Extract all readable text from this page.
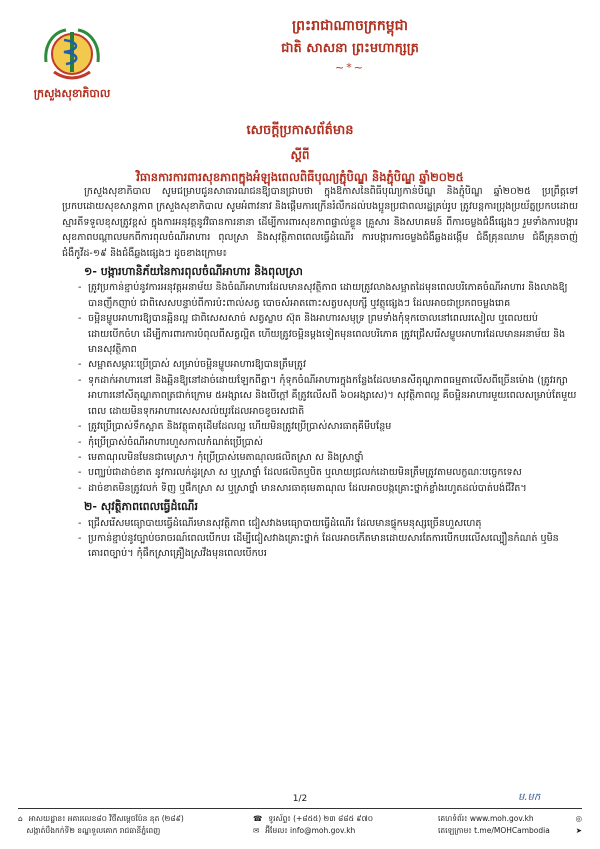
ក្រសួងសុខាភិបាល
ព្រះរាជាណាចក្រកម្ពុជា
ជាតិ សាសនា ព្រះមហាក្សត្រ
~*~
សេចក្តីប្រកាសព័ត៌មាន
ស្តីពី
វិធានការការពារសុខភាពក្នុងអំឡុងពេលពិធីបុណ្យភ្ជុំបិណ្ឌ និងភ្ជុំបិណ្ឌ ឆ្នាំ២០២៥

ក្រសួងសុខាភិបាល សូមជម្រាបជូនសាធារណជនឱ្យបានជ្រាបថា ក្នុងឱកាសនៃពិធីបុណ្យកាន់បិណ្ឌ និងភ្ជុំបិណ្ឌ ឆ្នាំ២០២៥ ប្រព្រឹត្តទៅប្រកបដោយសុខសាន្តភាព ក្រសួងសុខាភិបាល សូមអំពាវនាវ និងផ្តើមការក្រើនរំលឹកដល់បងប្អូនប្រជាពលរដ្ឋគ្រប់រូប ត្រូវបន្តការប្រុងប្រយ័ត្នប្រកបដោយស្មារតីទទួលខុសត្រូវខ្ពស់ ក្នុងការអនុវត្តនូវវិធានការនានា ដើម្បីការពារសុខភាពផ្ទាល់ខ្លួន គ្រួសារ និងសហគមន៍ ពីការចម្លងជំងឺផ្សេងៗ រួមទាំងការបង្ការសុខភាពបណ្តាលមកពីការពុលចំណីអាហារ ពុលស្រា និងសុវត្ថិភាពពេលធ្វើដំណើរ ការបង្ការការចម្លងជំងឺឆ្លងដង្កើម ជំងឺគ្រុនឈាម ជំងឺគ្រុនចាញ់ ជំងឺកូវីដ-១៩ និងជំងឺឆ្លងផ្សេងៗ ដូចខាងក្រោម៖

១- បង្ការហានិភ័យនៃការពុលចំណីអាហារ និងពុលស្រា
- ត្រូវប្រកាន់ខ្ជាប់នូវការអនុវត្តអនាម័យ និងចំណីអាហារដែលមានសុវត្ថិភាព ដោយត្រូវលាងសម្អាតដៃមុនពេលបរិភោគចំណីអាហារ និងលាងឱ្យបានញឹកញាប់ ជាពិសេសបន្ទាប់ពីការប៉ះពាល់សត្វ បោចសំអាតពោះសត្វបសុបក្សី ឬវត្ថុផ្សេងៗ ដែលអាចជាប្រភពចម្លងរោគ
- ចម្អិនម្ហូបអាហារឱ្យបានឆ្អិនល្អ ជាពិសេសសាច់ សត្វស្លាប ស៊ុត និងអាហារសមុទ្រ ព្រមទាំងកុំទុកចោលនៅពេលរសៀល ឬពេលយប់ ដោយបើកចំហ ដើម្បីការពារការបំពុលពីសត្វល្អិត ហើយត្រូវចម្អិនម្តងទៀតមុនពេលបរិភោគ ត្រូវជ្រើសរើសម្ហូបអាហារដែលមានអនាម័យ និងមានសុវត្ថិភាព
- សម្អាតសម្ភារៈប្រើប្រាស់ សម្រាប់ចម្អិនម្ហូបអាហារឱ្យបានត្រឹមត្រូវ
- ទុកដាក់អាហារនៅ និងឆ្អិនឱ្យនៅដាច់ដោយឡែកពីគ្នា។ កុំទុកចំណីអាហារក្នុងកន្លែងដែលមានសីតុណ្ហភាពធម្មតាលើសពីច្រើនម៉ោង (ត្រូវរក្សាអាហារនៅសីតុណ្ហភាពត្រជាក់ក្រោម ៥អង្សាសេ និងបើក្តៅ គឺត្រូវលើសពី ៦០អង្សាសេ)។ សុវត្ថិភាពល្អ គឺចម្អិនអាហារមួយពេលសម្រាប់តែមួយពេល ដោយមិនទុកអាហារសេសសល់យូរដែលអាចខូចរសជាតិ
- ត្រូវប្រើប្រាស់ទឹកស្អាត និងវត្ថុធាតុដើមដែលល្អ ហើយមិនត្រូវប្រើប្រាស់សារធាតុគីមីបន្ថែម
- កុំប្រើប្រាស់ចំណីអាហារហួសកាលកំណត់ប្រើប្រាស់
- មេតាណុលមិនមែនជាមេស្រា។ កុំប្រើប្រាស់មេតាណុលផលិតស្រា ស និងស្រាថ្នាំ
- បញ្ឈប់ជាដាច់ខាត នូវការលក់ដូរស្រា ស ឬស្រាថ្នាំ ដែលផលិតឬបិត ឬលាយជ្រលក់ដោយមិនត្រឹមត្រូវតាមលក្ខណៈបច្ចេកទេស
- ដាច់ខាតមិនត្រូវលក់ ទិញ ឬផឹកស្រា ស ឬស្រាថ្នាំ មានសារធាតុមេតាណុល ដែលអាចបង្កគ្រោះថ្នាក់ខ្លាំងរហូតដល់បាត់បង់ជីវិត។
២- សុវត្ថិភាពពេលធ្វើដំណើរ
- ជ្រើសរើសមធ្យោបាយធ្វើដំណើរមានសុវត្ថិភាព ជៀសវាងមធ្យោបាយធ្វើដំណើរ ដែលមានផ្ទុកមនុស្សច្រើនហួសហេតុ
- ប្រកាន់ខ្ជាប់នូវច្បាប់ចរាចរណ៍ពេលបើកបរ ដើម្បីជៀសវាងគ្រោះថ្នាក់ ដែលអាចកើតមានដោយសារតែការបើកបរលើសល្បឿនកំណត់ ឬមិនគោរពច្បាប់។ កុំផឹកស្រាគ្រឿងស្រវឹងមុនពេលបើកបរ
1/2	ម.មក
⌂ អាសយដ្ឋាន៖ អគារលេខ៨០ វិថីសម្តេចប៉ែន នុត (២៨៩)

សង្កាត់បឹងកក់ទី២ ខណ្ឌទួលគោក រាជធានីភ្នំពេញ
☎ ទូរស័ព្ទ៖ (+៨៥៥) ២៣ ៨៨៥ ៩៧០
✉ អ៊ីមែល៖ info@moh.gov.kh
គេហទំព័រ៖ www.moh.gov.kh	◎
តេឡេក្រាម៖ t.me/MOHCambodia	➤
